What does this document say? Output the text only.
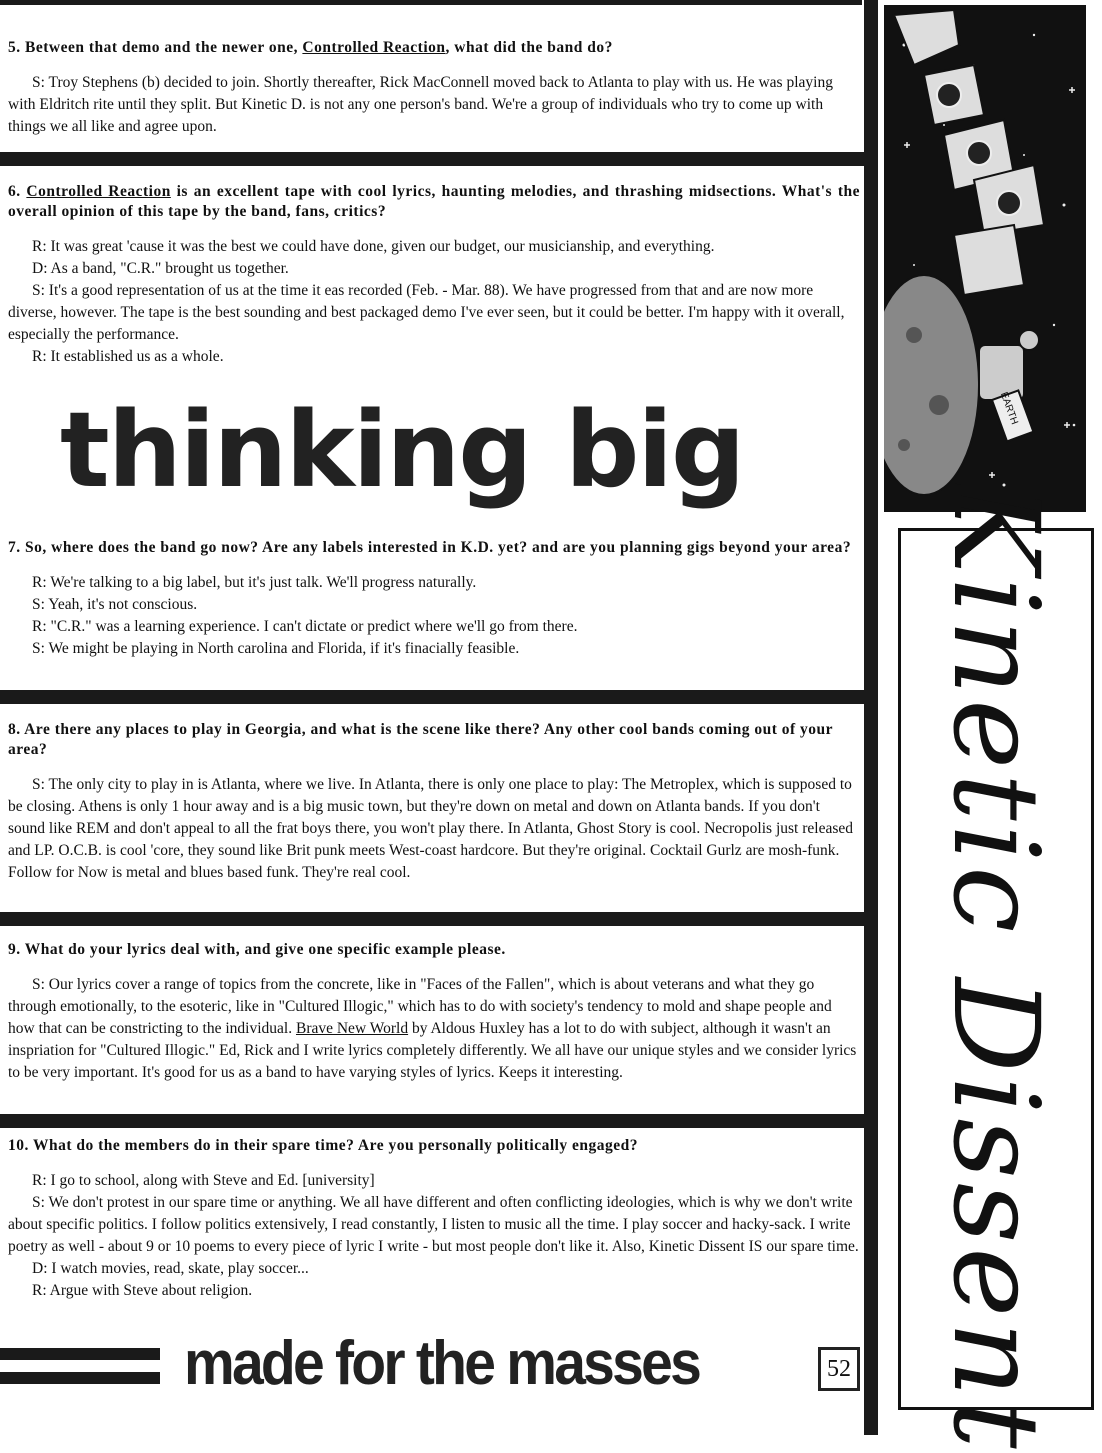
5. Between that demo and the newer one, Controlled Reaction, what did the band do?

S: Troy Stephens (b) decided to join. Shortly thereafter, Rick MacConnell moved back to Atlanta to play with us. He was playing with Eldritch rite until they split. But Kinetic D. is not any one person's band. We're a group of individuals who try to come up with things we all like and agree upon.

6. Controlled Reaction is an excellent tape with cool lyrics, haunting melodies, and thrashing midsections. What's the overall opinion of this tape by the band, fans, critics?

R: It was great 'cause it was the best we could have done, given our budget, our musicianship, and everything.

D: As a band, "C.R." brought us together.

S: It's a good representation of us at the time it eas recorded (Feb. - Mar. 88). We have progressed from that and are now more diverse, however. The tape is the best sounding and best packaged demo I've ever seen, but it could be better. I'm happy with it overall, especially the performance.

R: It established us as a whole.

thinking big

7. So, where does the band go now? Are any labels interested in K.D. yet? and are you planning gigs beyond your area?

R: We're talking to a big label, but it's just talk. We'll progress naturally.

S: Yeah, it's not conscious.

R: "C.R." was a learning experience. I can't dictate or predict where we'll go from there.

S: We might be playing in North carolina and Florida, if it's finacially feasible.

8. Are there any places to play in Georgia, and what is the scene like there? Any other cool bands coming out of your area?

S: The only city to play in is Atlanta, where we live. In Atlanta, there is only one place to play: The Metroplex, which is supposed to be closing. Athens is only 1 hour away and is a big music town, but they're down on metal and down on Atlanta bands. If you don't sound like REM and don't appeal to all the frat boys there, you won't play there. In Atlanta, Ghost Story is cool. Necropolis just released and LP. O.C.B. is cool 'core, they sound like Brit punk meets West-coast hardcore. But they're original. Cocktail Gurlz are mosh-funk. Follow for Now is metal and blues based funk. They're real cool.

9. What do your lyrics deal with, and give one specific example please.

S: Our lyrics cover a range of topics from the concrete, like in "Faces of the Fallen", which is about veterans and what they go through emotionally, to the esoteric, like in "Cultured Illogic," which has to do with society's tendency to mold and shape people and how that can be constricting to the individual. Brave New World by Aldous Huxley has a lot to do with subject, although it wasn't an inspriation for "Cultured Illogic." Ed, Rick and I write lyrics completely differently. We all have our unique styles and we consider lyrics to be very important. It's good for us as a band to have varying styles of lyrics. Keeps it interesting.

10. What do the members do in their spare time? Are you personally politically engaged?

R: I go to school, along with Steve and Ed. [university]

S: We don't protest in our spare time or anything. We all have different and often conflicting ideologies, which is why we don't write about specific politics. I follow politics extensively, I read constantly, I listen to music all the time. I play soccer and hacky-sack. I write poetry as well - about 9 or 10 poems to every piece of lyric I write - but most people don't like it. Also, Kinetic Dissent IS our spare time.

D: I watch movies, read, skate, play soccer...

R: Argue with Steve about religion.

made for the masses	52
EARTH
Kinetic Dissent
